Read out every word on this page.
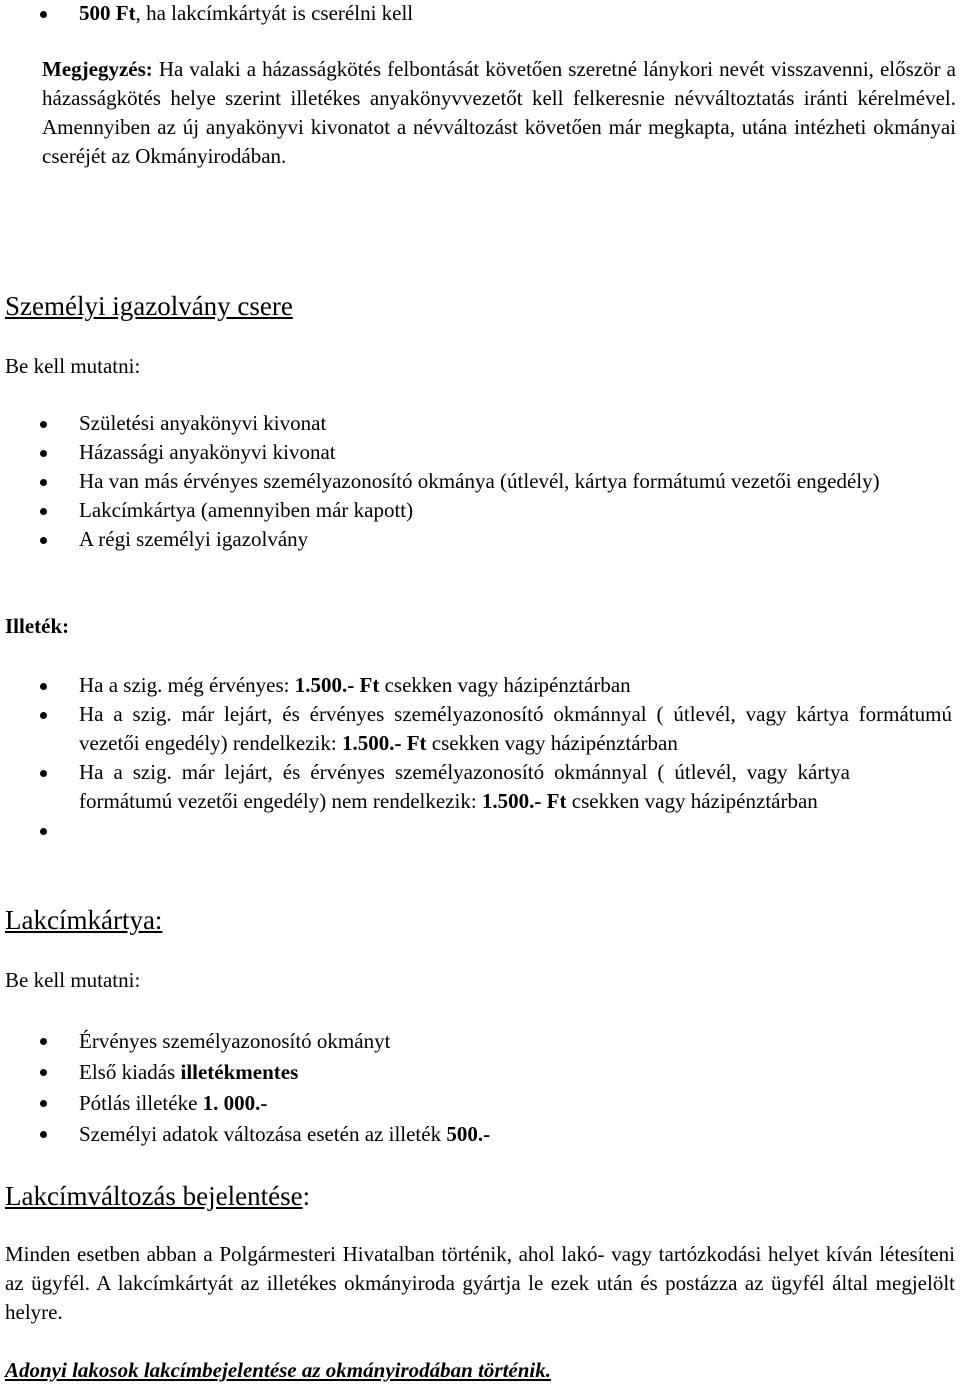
500 Ft, ha lakcímkártyát is cserélni kell
Megjegyzés: Ha valaki a házasságkötés felbontását követően szeretné lánykori nevét visszavenni, először a házasságkötés helye szerint illetékes anyakönyvvezetőt kell felkeresnie névváltoztatás iránti kérelmével. Amennyiben az új anyakönyvi kivonatot a névváltozást követően már megkapta, utána intézheti okmányai cseréjét az Okmányirodában.
Személyi igazolvány csere
Be kell mutatni:
Születési anyakönyvi kivonat
Házassági anyakönyvi kivonat
Ha van más érvényes személyazonosító okmánya (útlevél, kártya formátumú vezetői engedély)
Lakcímkártya (amennyiben már kapott)
A régi személyi igazolvány
Illeték:
Ha a szig. még érvényes: 1.500.- Ft csekken vagy házipénztárban
Ha a szig. már lejárt, és érvényes személyazonosító okmánnyal ( útlevél, vagy kártya formátumú vezetői engedély) rendelkezik: 1.500.- Ft csekken vagy házipénztárban
Ha a szig. már lejárt, és érvényes személyazonosító okmánnyal ( útlevél, vagy kártya formátumú vezetői engedély) nem rendelkezik: 1.500.- Ft csekken vagy házipénztárban

Lakcímkártya:
Be kell mutatni:
Érvényes személyazonosító okmányt
Első kiadás illetékmentes
Pótlás illetéke 1. 000.-
Személyi adatok változása esetén az illeték 500.-
Lakcímváltozás bejelentése:
Minden esetben abban a Polgármesteri Hivatalban történik, ahol lakó- vagy tartózkodási helyet kíván létesíteni az ügyfél. A lakcímkártyát az illetékes okmányiroda gyártja le ezek után és postázza az ügyfél által megjelölt helyre.
Adonyi lakosok lakcímbejelentése az okmányirodában történik.
